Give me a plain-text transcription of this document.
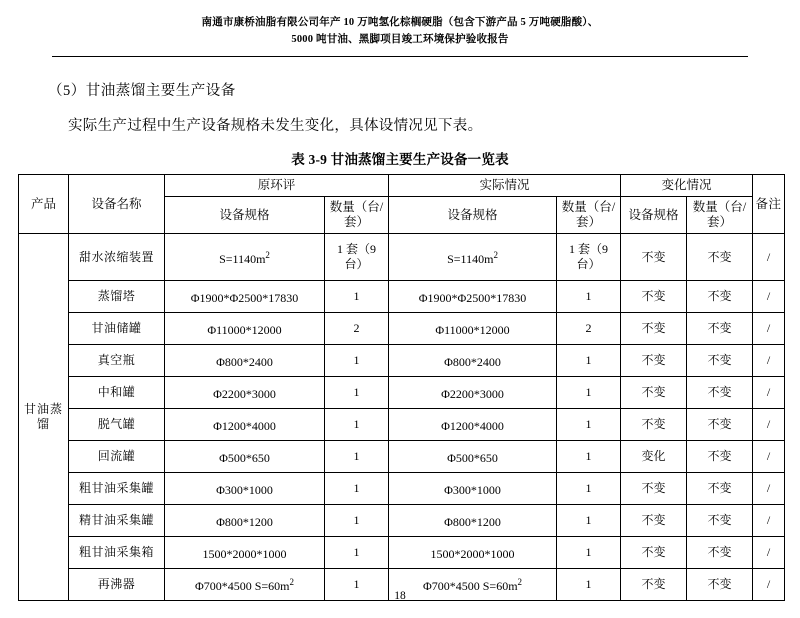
南通市康桥油脂有限公司年产 10 万吨氢化棕榈硬脂（包含下游产品 5 万吨硬脂酸）、
5000 吨甘油、黑脚项目竣工环境保护验收报告
（5）甘油蒸馏主要生产设备
实际生产过程中生产设备规格未发生变化，具体设情况见下表。
表 3-9 甘油蒸馏主要生产设备一览表
产品	设备名称	原环评		实际情况		变化情况		备注
		设备规格	数量（台/套）	设备规格	数量（台/套）	设备规格	数量（台/套）	
甘油蒸馏	甜水浓缩装置	$S=1140m^2$	1 套（9 台）	$S=1140m^2$	1 套（9 台）	不变	不变	/
	蒸馏塔	Φ1900*Φ2500*17830	1	Φ1900*Φ2500*17830	1	不变	不变	/
	甘油储罐	Φ11000*12000	2	Φ11000*12000	2	不变	不变	/
	真空瓶	Φ800*2400	1	Φ800*2400	1	不变	不变	/
	中和罐	Φ2200*3000	1	Φ2200*3000	1	不变	不变	/
	脱气罐	Φ1200*4000	1	Φ1200*4000	1	不变	不变	/
	回流罐	Φ500*650	1	Φ500*650	1	变化	不变	/
	粗甘油采集罐	Φ300*1000	1	Φ300*1000	1	不变	不变	/
	精甘油采集罐	Φ800*1200	1	Φ800*1200	1	不变	不变	/
	粗甘油采集箱	1500*2000*1000	1	1500*2000*1000	1	不变	不变	/
	再沸器	Φ700*4500 $S=60m^2$	1	Φ700*4500 $S=60m^2$	1	不变	不变	/
18
